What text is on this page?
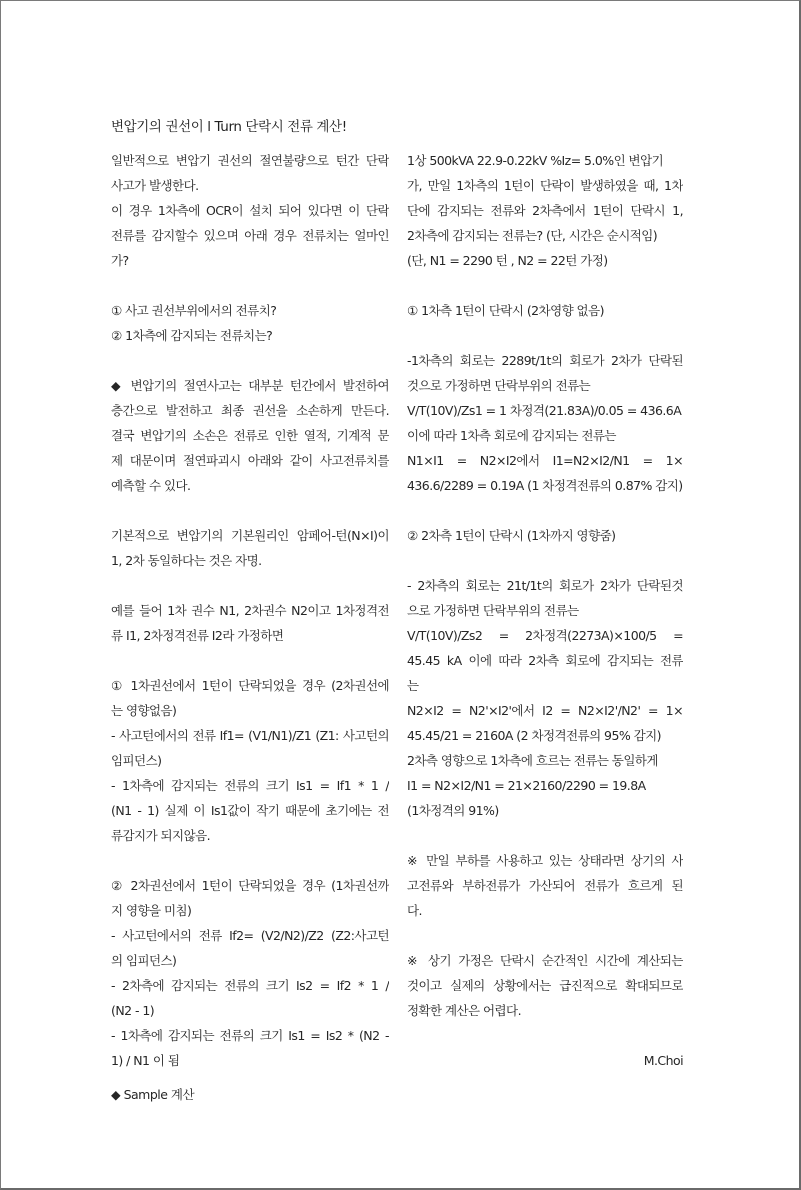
변압기의 권선이 l Turn 단락시 전류 계산!
일반적으로 변압기 권선의 절연불량으로 턴간 단락
사고가 발생한다.
이 경우 1차측에 OCR이 설치 되어 있다면 이 단락
전류를 감지할수 있으며 아래 경우 전류치는 얼마인
가?
① 사고 권선부위에서의 전류치?
② 1차측에 감지되는 전류치는?
◆ 변압기의 절연사고는 대부분 턴간에서 발전하여
층간으로 발전하고 최종 권선을 소손하게 만든다.
결국 변압기의 소손은 전류로 인한 열적, 기계적 문
제 대문이며 절연파괴시 아래와 같이 사고전류치를
예측할 수 있다.
기본적으로 변압기의 기본원리인 암페어-턴(N×I)이
1, 2차 동일하다는 것은 자명.
예를 들어 1차 권수 N1, 2차권수 N2이고 1차정격전
류 I1, 2차정격전류 I2라 가정하면
① 1차권선에서 1턴이 단락되었을 경우 (2차권선에
는 영향없음)
- 사고턴에서의 전류 If1= (V1/N1)/Z1 (Z1: 사고턴의
임피던스)
- 1차측에 감지되는 전류의 크기 Is1 = If1 * 1 /
(N1 - 1) 실제 이 Is1값이 작기 때문에 초기에는 전
류감지가 되지않음.
② 2차권선에서 1턴이 단락되었을 경우 (1차권선까
지 영향을 미침)
- 사고턴에서의 전류 If2= (V2/N2)/Z2 (Z2:사고턴
의 임피던스)
- 2차측에 감지되는 전류의 크기 Is2 = If2 * 1 /
(N2 - 1)
- 1차측에 감지되는 전류의 크기 Is1 = Is2 * (N2 -
1) / N1 이 됨
◆ Sample 계산
1상 500kVA 22.9-0.22kV %Iz= 5.0%인 변압기
가, 만일 1차측의 1턴이 단락이 발생하였을 때, 1차
단에 감지되는 전류와 2차측에서 1턴이 단락시 1,
2차측에 감지되는 전류는? (단, 시간은 순시적임)
(단, N1 = 2290 턴 , N2 = 22턴 가정)
① 1차측 1턴이 단락시 (2차영향 없음)
-1차측의 회로는 2289t/1t의 회로가 2차가 단락된
것으로 가정하면 단락부위의 전류는
V/T(10V)/Zs1 = 1 차정격(21.83A)/0.05 = 436.6A
이에 따라 1차측 회로에 감지되는 전류는
N1×I1 = N2×I2에서 I1=N2×I2/N1 = 1×
436.6/2289 = 0.19A (1 차정격전류의 0.87% 감지)
② 2차측 1턴이 단락시 (1차까지 영향줌)
- 2차측의 회로는 21t/1t의 회로가 2차가 단락된것
으로 가정하면 단락부위의 전류는
V/T(10V)/Zs2 = 2차정격(2273A)×100/5 =
45.45 kA 이에 따라 2차측 회로에 감지되는 전류
는
N2×I2 = N2'×I2'에서 I2 = N2×I2'/N2' = 1×
45.45/21 = 2160A (2 차정격전류의 95% 감지)
2차측 영향으로 1차측에 흐르는 전류는 동일하게
I1 = N2×I2/N1 = 21×2160/2290 = 19.8A
(1차정격의 91%)
※ 만일 부하를 사용하고 있는 상태라면 상기의 사
고전류와 부하전류가 가산되어 전류가 흐르게 된
다.
※ 상기 가정은 단락시 순간적인 시간에 계산되는
것이고 실제의 상황에서는 급진적으로 확대되므로
정확한 계산은 어렵다.
M.Choi
